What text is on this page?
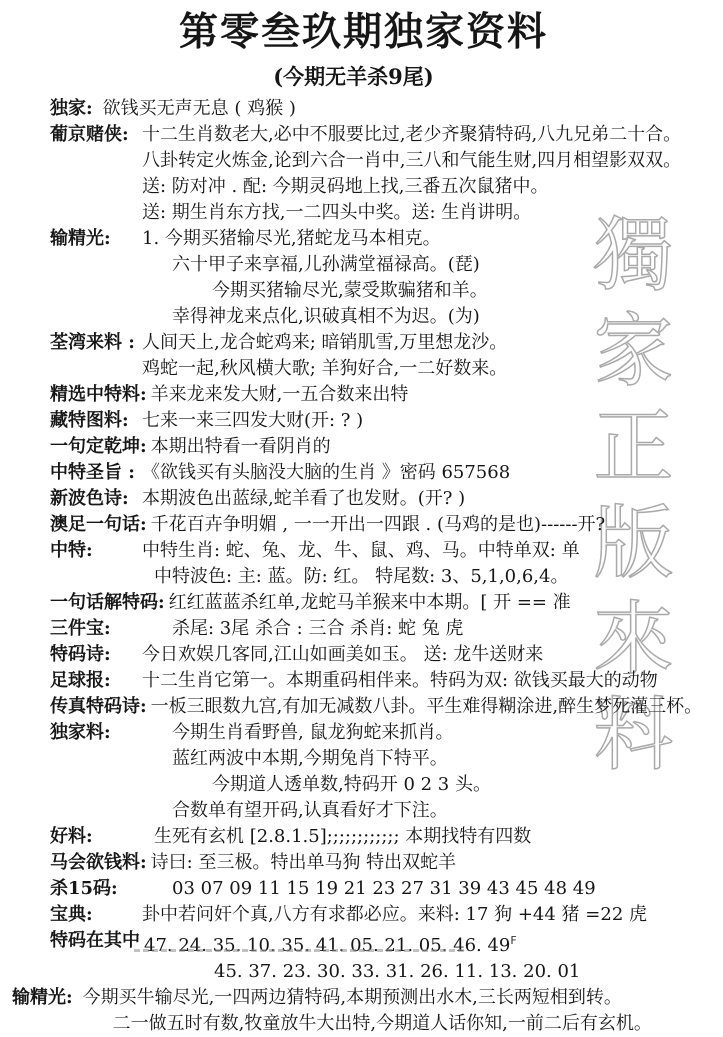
獨家正版來料
第零叁玖期独家资料
(今期无羊杀9尾)
独家: 欲钱买无声无息 ( 鸡猴 )
葡京赌侠: 十二生肖数老大,必中不服要比过,老少齐聚猜特码,八九兄弟二十合。
八卦转定火炼金,论到六合一肖中,三八和气能生财,四月相望影双双。
送: 防对冲 . 配: 今期灵码地上找,三番五次鼠猪中。
送: 期生肖东方找,一二四头中奖。送: 生肖讲明。
输精光:	1. 今期买猪输尽光,猪蛇龙马本相克。
六十甲子来享福,儿孙满堂福禄高。(琵)
今期买猪输尽光,蒙受欺骗猪和羊。
幸得神龙来点化,识破真相不为迟。(为)
荃湾来料 : 人间天上,龙合蛇鸡来; 暗销肌雪,万里想龙沙。
鸡蛇一起,秋风横大歌; 羊狗好合,一二好数来。
精选中特料: 羊来龙来发大财,一五合数来出特
藏特图料: 七来一来三四发大财(开: ? )
一句定乾坤: 本期出特看一看阴肖的
中特圣旨 : 《欲钱买有头脑没大脑的生肖 》密码 657568
新波色诗: 本期波色出蓝绿,蛇羊看了也发财。(开? )
澳足一句话: 千花百卉争明媚 , 一一开出一四跟 . (马鸡的是也)------开?
中特:	中特生肖: 蛇、兔、龙、牛、鼠、鸡、马。中特单双: 单
中特波色: 主: 蓝。防: 红。 特尾数: 3、5,1,0,6,4。
一句话解特码: 红红蓝蓝杀红单,龙蛇马羊猴来中本期。[ 开 == 准
三件宝:	杀尾: 3尾 杀合 : 三合 杀肖: 蛇 兔 虎
特码诗:	今日欢娱几客同,江山如画美如玉。 送: 龙牛送财来
足球报:	十二生肖它第一。本期重码相伴来。特码为双: 欲钱买最大的动物
传真特码诗: 一板三眼数九宫,有加无减数八卦。平生难得糊涂进,醉生梦死灌三杯。
独家料:	今期生肖看野兽, 鼠龙狗蛇来抓肖。
蓝红两波中本期,今期兔肖下特平。
今期道人透单数,特码开 0 2 3 头。
合数单有望开码,认真看好才下注。
好料:	生死有玄机 [2.8.1.5];;;;;;;;;;;; 本期找特有四数
马会欲钱料: 诗曰: 至三极。特出单马狗 特出双蛇羊
杀15码:	03 07 09 11 15 19 21 23 27 31 39 43 45 48 49
宝典:	卦中若问奸个真,八方有求都必应。来料: 17 狗 +44 猪 =22 虎
特码在其中 47. 24. 35. 10. 35. 41. 05. 21. 05. 46. $49^F$
45. 37. 23. 30. 33. 31. 26. 11. 13. 20. 01
输精光: 今期买牛输尽光,一四两边猜特码,本期预测出水木,三长两短相到转。
二一做五时有数,牧童放牛大出特,今期道人话你知,一前二后有玄机。
